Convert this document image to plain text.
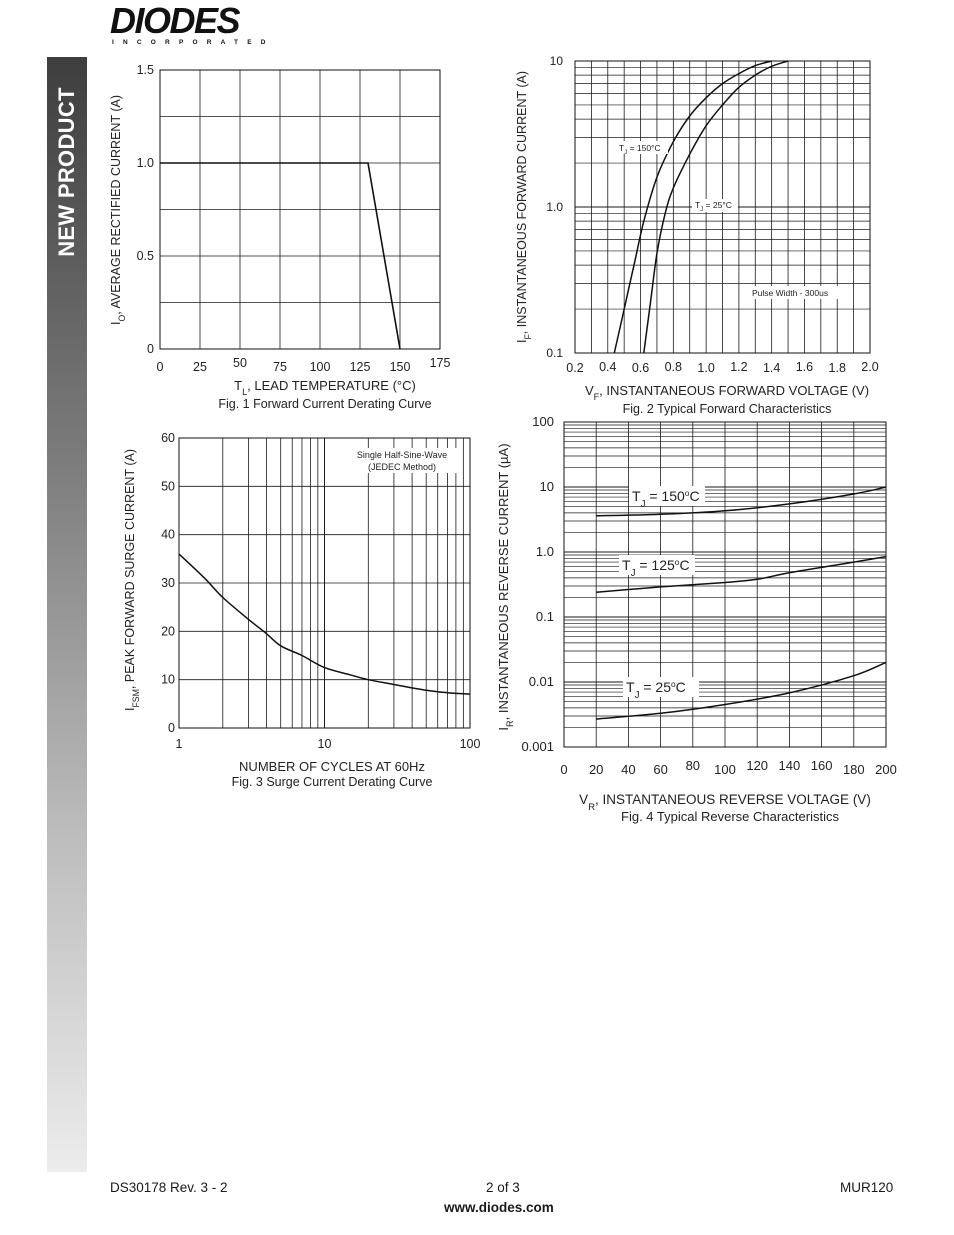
DIODES
INCORPORATED
NEW PRODUCT
0 25 50 75 100 125 150 175
0
0.5
1.0
1.5
$T_L$, LEAD TEMPERATURE (°C)
$I_O$, AVERAGE RECTIFIED CURRENT (A)
Fig. 1 Forward Current Derating Curve
0.2 0.4 0.6 0.8 1.0 1.2 1.4 1.6 1.8 2.0
0.1
1.0
10
$T_J = 150^\circ C$
$T_J = 25^\circ C$
Pulse Width - 300us
$V_F$, INSTANTANEOUS FORWARD VOLTAGE (V)
$I_F$, INSTANTANEOUS FORWARD CURRENT (A)
Fig. 2 Typical Forward Characteristics
1	10	100
0
10
20
30
40
50
60
Single Half-Sine-Wave
(JEDEC Method)
NUMBER OF CYCLES AT 60Hz
$I_{FSM}$, PEAK FORWARD SURGE CURRENT (A)
Fig. 3 Surge Current Derating Curve
0 20 40 60 80 100 120 140 160 180 200
0.001
0.01
0.1
1.0
10
100
$T_J = 150^oC$
$T_J = 125^oC$
$T_J = 25^oC$
$V_R$, INSTANTANEOUS REVERSE VOLTAGE (V)
$I_R$, INSTANTANEOUS REVERSE CURRENT (µA)
Fig. 4 Typical Reverse Characteristics
DS30178 Rev. 3 - 2	2 of 3	MUR120
www.diodes.com
